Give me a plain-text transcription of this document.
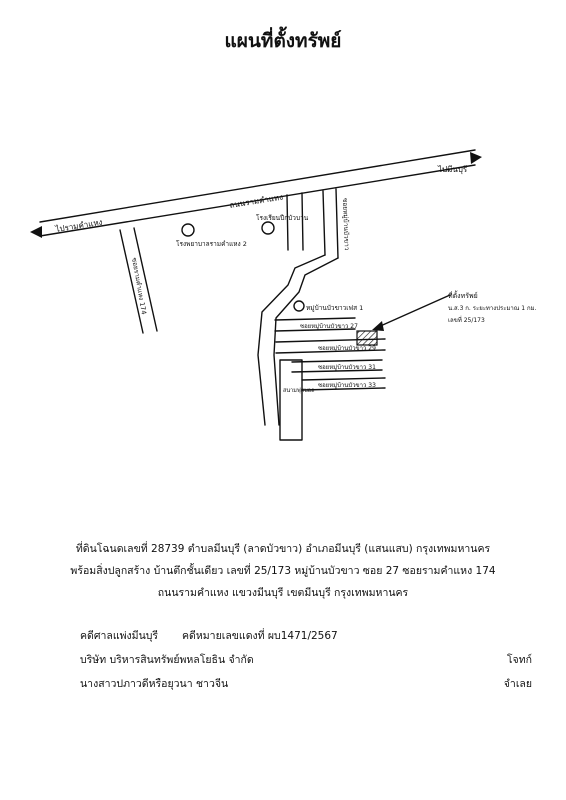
แผนที่ตั้งทรัพย์
ไปมีนบุรี
ไปรามคำแหง
ถนนรามคำแหง
โรงพยาบาลรามคำแหง 2
โรงเรียนปีกบัวบาน
ซอยรามคำแหง 174
ซอยหมู่บ้านบัวขาว
หมู่บ้านบัวขาวเฟส 1
ซอยหมู่บ้านบัวขาว 27
ซอยหมู่บ้านบัวขาว 29
ซอยหมู่บ้านบัวขาว 31
ซอยหมู่บ้านบัวขาว 33
สนามฟุตบอล
ที่ตั้งทรัพย์
น.ส.3 ก. ระยะทางประมาณ 1 กม.
เลขที่ 25/173
ที่ดินโฉนดเลขที่ 28739 ตำบลมีนบุรี (ลาดบัวขาว) อำเภอมีนบุรี (แสนแสบ) กรุงเทพมหานคร
พร้อมสิ่งปลูกสร้าง บ้านตึกชั้นเดียว เลขที่ 25/173 หมู่บ้านบัวขาว ซอย 27 ซอยรามคำแหง 174
ถนนรามคำแหง แขวงมีนบุรี เขตมีนบุรี กรุงเทพมหานคร
คดีศาลแพ่งมีนบุรี คดีหมายเลขแดงที่ ผบ1471/2567
บริษัท บริหารสินทรัพย์พหลโยธิน จำกัด	โจทก์
นางสาวปภาวดีหรือยุวนา ชาวจีน	จำเลย
